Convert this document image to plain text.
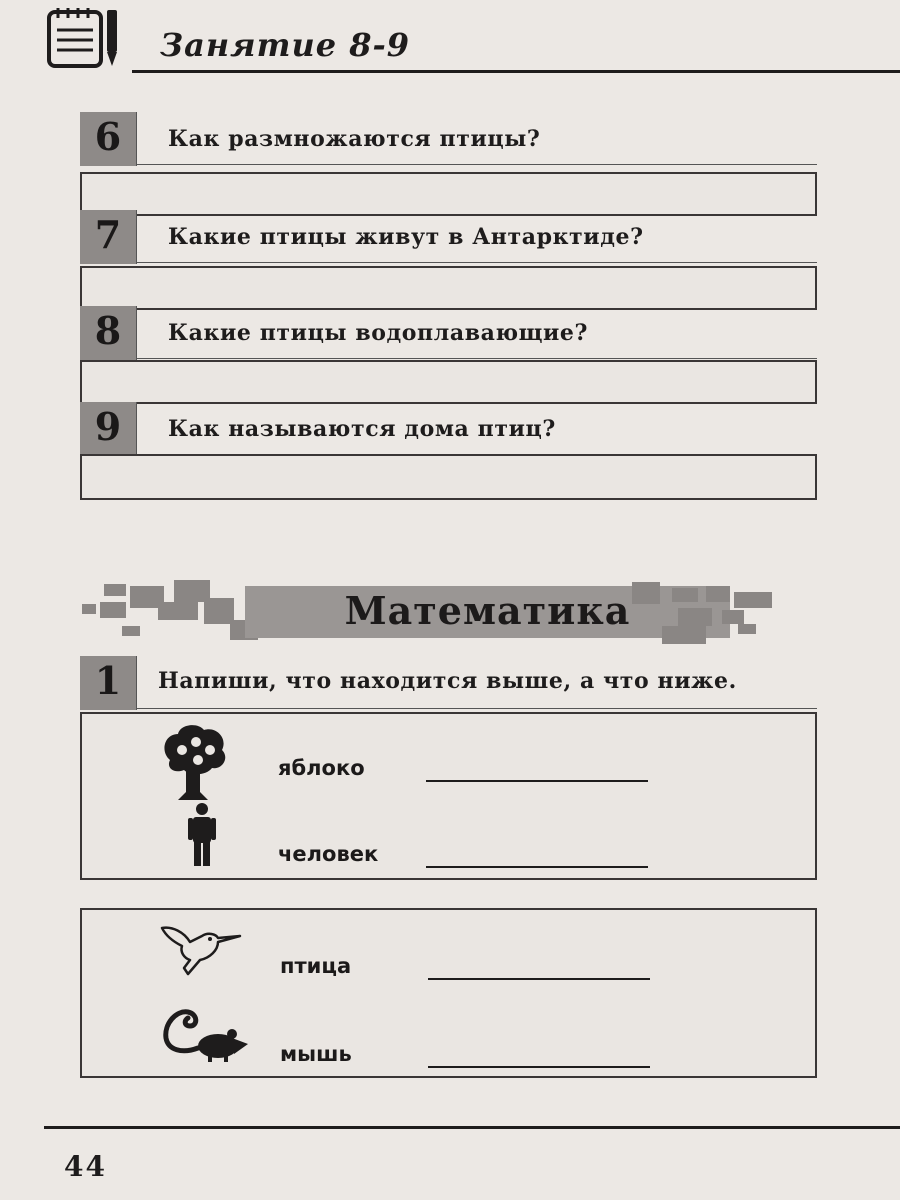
Занятие 8-9
6	Как размножаются птицы?
7	Какие птицы живут в Антарктиде?
8	Какие птицы водоплавающие?
9	Как называются дома птиц?
Математика
1	Напиши, что находится выше, а что ниже.
яблоко
человек
птица
мышь
44
